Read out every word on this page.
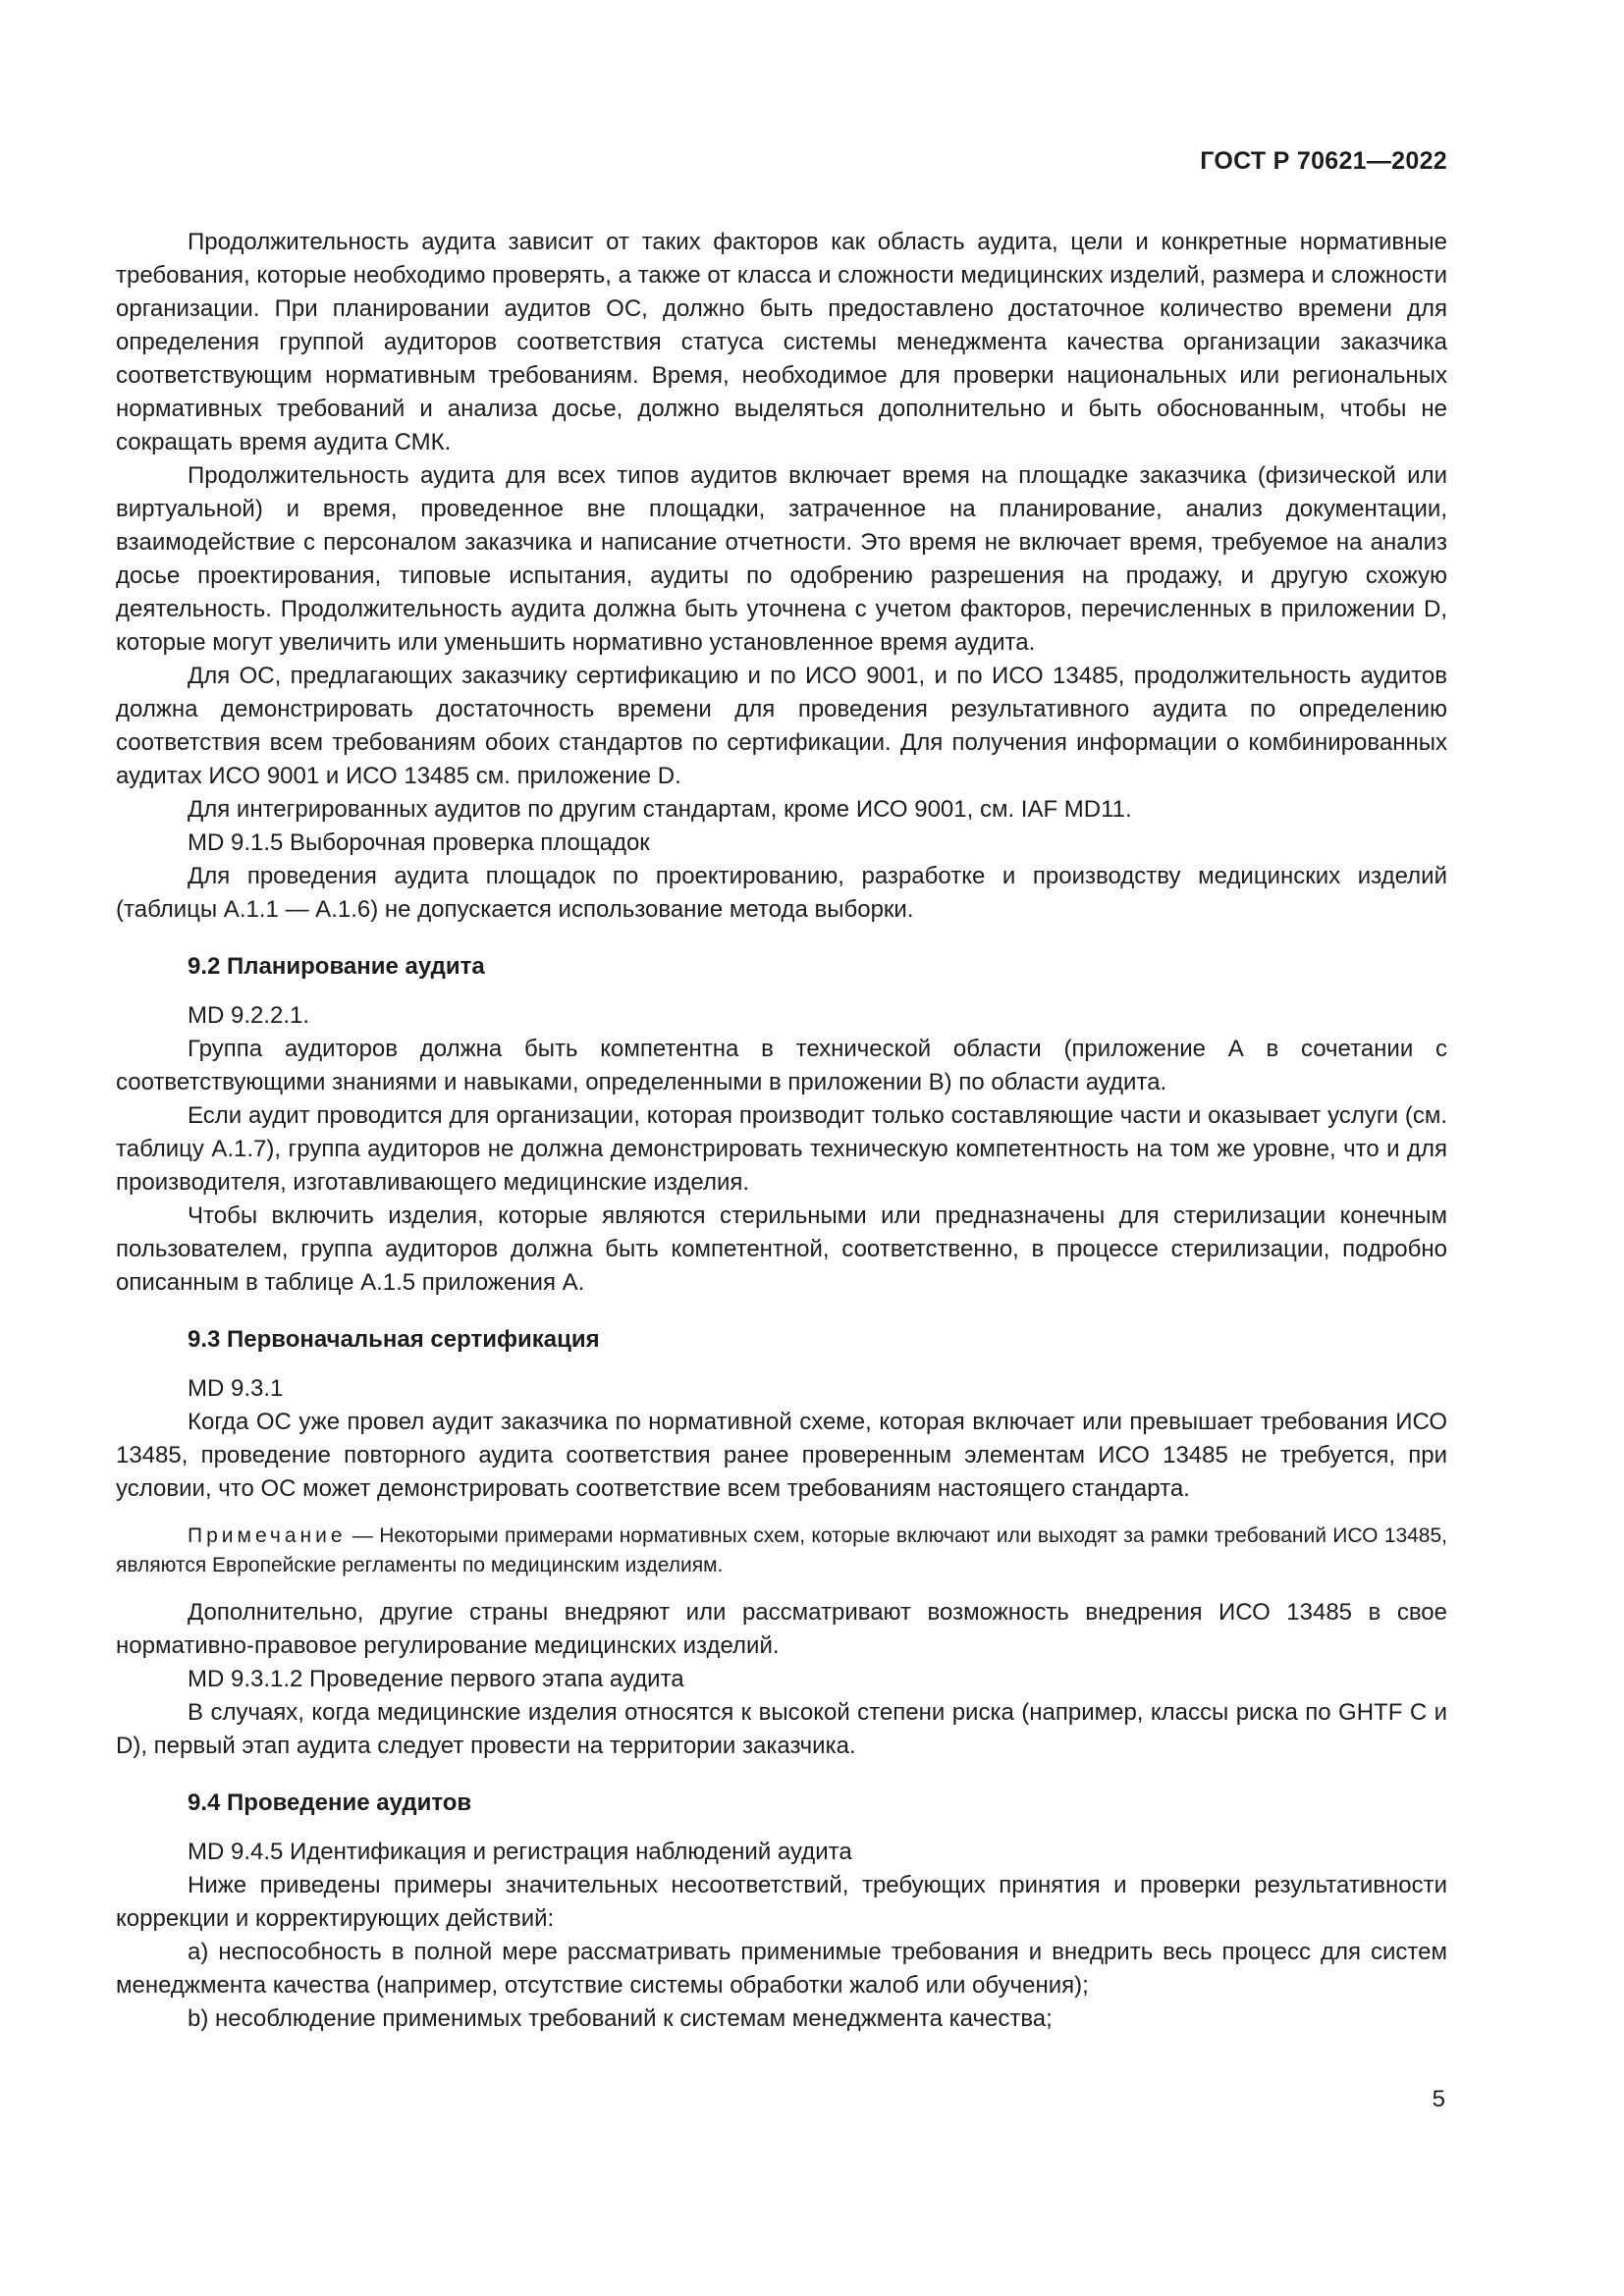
ГОСТ Р 70621—2022

Продолжительность аудита зависит от таких факторов как область аудита, цели и конкретные нормативные требования, которые необходимо проверять, а также от класса и сложности медицинских изделий, размера и сложности организации. При планировании аудитов ОС, должно быть предоставлено достаточное количество времени для определения группой аудиторов соответствия статуса системы менеджмента качества организации заказчика соответствующим нормативным требованиям. Время, необходимое для проверки национальных или региональных нормативных требований и анализа досье, должно выделяться дополнительно и быть обоснованным, чтобы не сокращать время аудита СМК.

Продолжительность аудита для всех типов аудитов включает время на площадке заказчика (физической или виртуальной) и время, проведенное вне площадки, затраченное на планирование, анализ документации, взаимодействие с персоналом заказчика и написание отчетности. Это время не включает время, требуемое на анализ досье проектирования, типовые испытания, аудиты по одобрению разрешения на продажу, и другую схожую деятельность. Продолжительность аудита должна быть уточнена с учетом факторов, перечисленных в приложении D, которые могут увеличить или уменьшить нормативно установленное время аудита.

Для ОС, предлагающих заказчику сертификацию и по ИСО 9001, и по ИСО 13485, продолжительность аудитов должна демонстрировать достаточность времени для проведения результативного аудита по определению соответствия всем требованиям обоих стандартов по сертификации. Для получения информации о комбинированных аудитах ИСО 9001 и ИСО 13485 см. приложение D.

Для интегрированных аудитов по другим стандартам, кроме ИСО 9001, см. IAF MD11.

MD 9.1.5 Выборочная проверка площадок

Для проведения аудита площадок по проектированию, разработке и производству медицинских изделий (таблицы А.1.1 — А.1.6) не допускается использование метода выборки.

9.2 Планирование аудита

MD 9.2.2.1.

Группа аудиторов должна быть компетентна в технической области (приложение А в сочетании с соответствующими знаниями и навыками, определенными в приложении В) по области аудита.

Если аудит проводится для организации, которая производит только составляющие части и оказывает услуги (см. таблицу А.1.7), группа аудиторов не должна демонстрировать техническую компетентность на том же уровне, что и для производителя, изготавливающего медицинские изделия.

Чтобы включить изделия, которые являются стерильными или предназначены для стерилизации конечным пользователем, группа аудиторов должна быть компетентной, соответственно, в процессе стерилизации, подробно описанным в таблице А.1.5 приложения А.

9.3 Первоначальная сертификация

MD 9.3.1

Когда ОС уже провел аудит заказчика по нормативной схеме, которая включает или превышает требования ИСО 13485, проведение повторного аудита соответствия ранее проверенным элементам ИСО 13485 не требуется, при условии, что ОС может демонстрировать соответствие всем требованиям настоящего стандарта.

Примечание — Некоторыми примерами нормативных схем, которые включают или выходят за рамки требований ИСО 13485, являются Европейские регламенты по медицинским изделиям.

Дополнительно, другие страны внедряют или рассматривают возможность внедрения ИСО 13485 в свое нормативно-правовое регулирование медицинских изделий.

MD 9.3.1.2 Проведение первого этапа аудита

В случаях, когда медицинские изделия относятся к высокой степени риска (например, классы риска по GHTF С и D), первый этап аудита следует провести на территории заказчика.

9.4 Проведение аудитов

MD 9.4.5 Идентификация и регистрация наблюдений аудита

Ниже приведены примеры значительных несоответствий, требующих принятия и проверки результативности коррекции и корректирующих действий:

a) неспособность в полной мере рассматривать применимые требования и внедрить весь процесс для систем менеджмента качества (например, отсутствие системы обработки жалоб или обучения);

b) несоблюдение применимых требований к системам менеджмента качества;

5
